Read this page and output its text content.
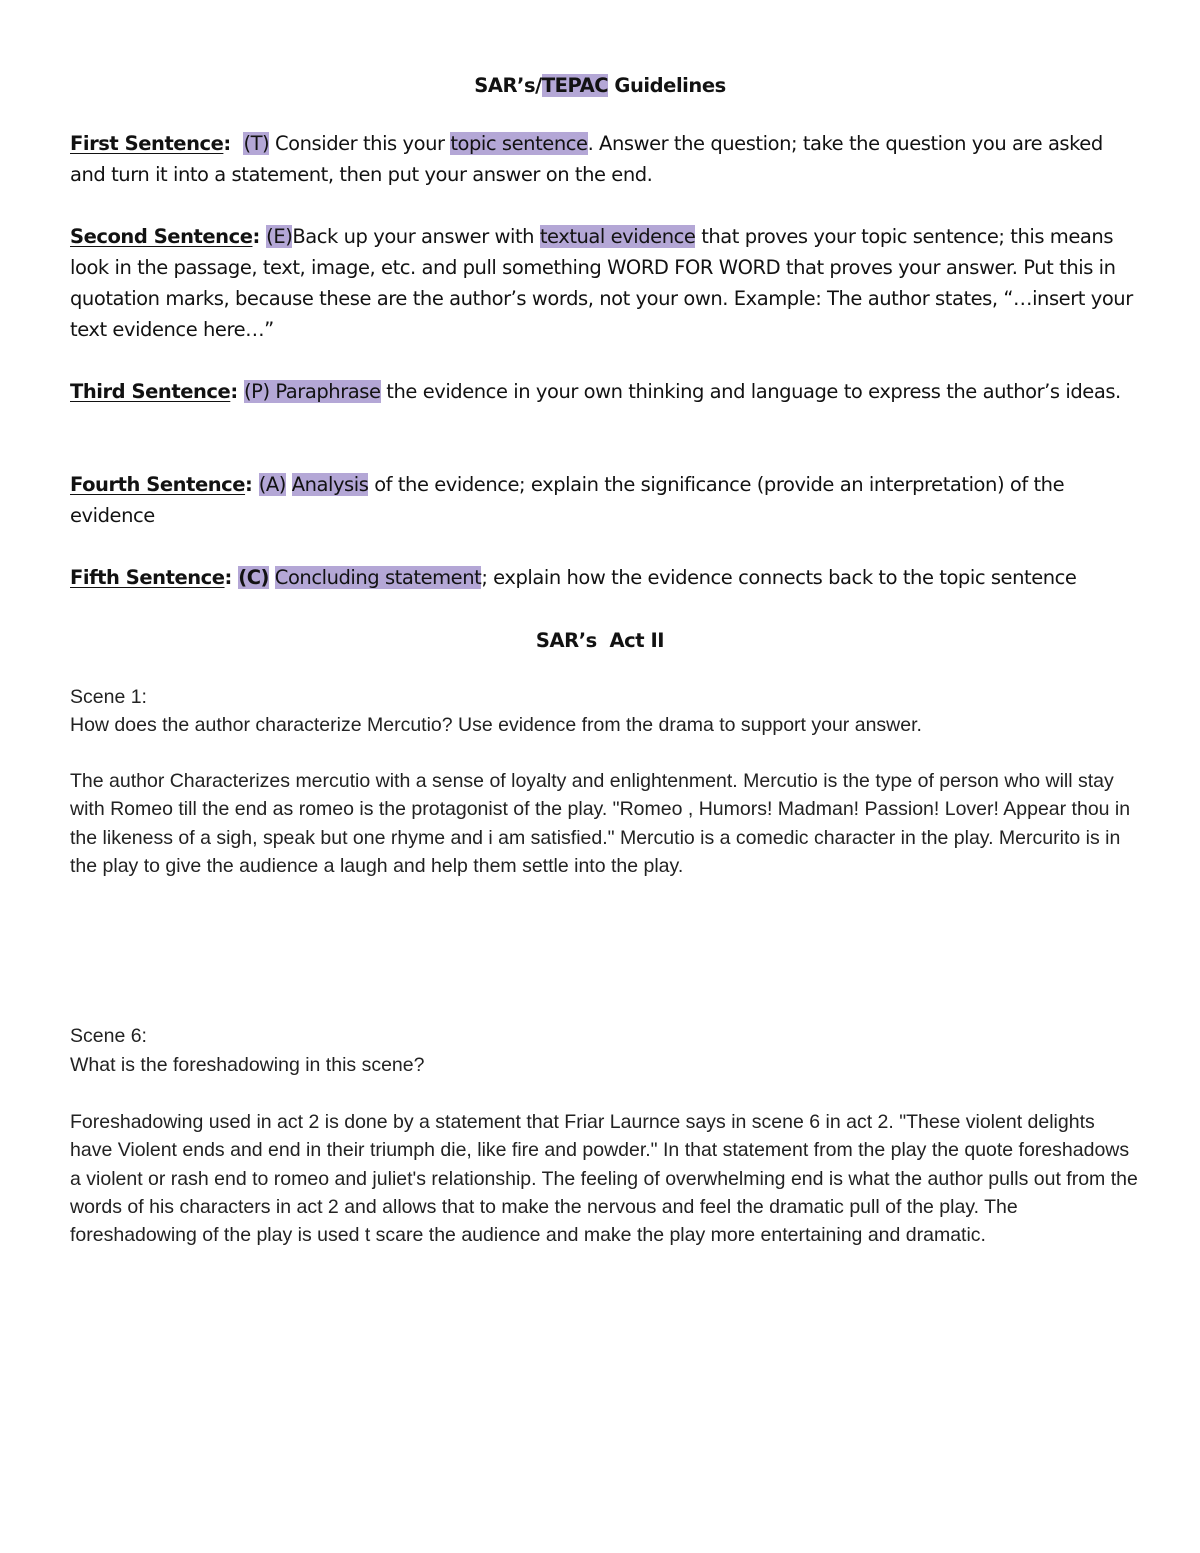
SAR’s/TEPAC Guidelines

First Sentence:  (T) Consider this your topic sentence. Answer the question; take the question you are asked and turn it into a statement, then put your answer on the end.

Second Sentence: (E)Back up your answer with textual evidence that proves your topic sentence; this means look in the passage, text, image, etc. and pull something WORD FOR WORD that proves your answer. Put this in quotation marks, because these are the author’s words, not your own. Example: The author states, “…insert your text evidence here…”

Third Sentence: (P) Paraphrase the evidence in your own thinking and language to express the author’s ideas.

Fourth Sentence: (A) Analysis of the evidence; explain the significance (provide an interpretation) of the evidence

Fifth Sentence: (C) Concluding statement; explain how the evidence connects back to the topic sentence

SAR’s  Act II

Scene 1:

How does the author characterize Mercutio? Use evidence from the drama to support your answer.

The author Characterizes mercutio with a sense of loyalty and enlightenment. Mercutio is the type of person who will stay with Romeo till the end as romeo is the protagonist of the play. "Romeo , Humors! Madman! Passion! Lover! Appear thou in the likeness of a sigh, speak but one rhyme and i am satisfied." Mercutio is a comedic character in the play. Mercurito is in the play to give the audience a laugh and help them settle into the play.

Scene 6:

What is the foreshadowing in this scene?

Foreshadowing used in act 2 is done by a statement that Friar Laurnce says in scene 6 in act 2. "These violent delights have Violent ends and end in their triumph die, like fire and powder." In that statement from the play the quote foreshadows a violent or rash end to romeo and juliet's relationship. The feeling of overwhelming end is what the author pulls out from the words of his characters in act 2 and allows that to make the nervous and feel the dramatic pull of the play. The foreshadowing of the play is used t scare the audience and make the play more entertaining and dramatic.
